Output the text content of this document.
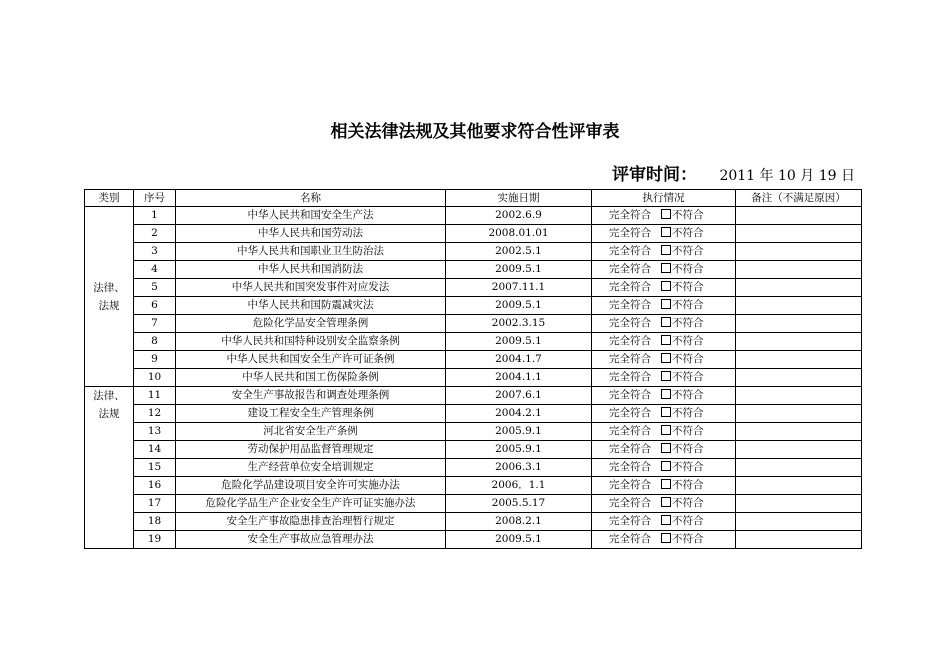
相关法律法规及其他要求符合性评审表
评审时间： 2011 年 10 月 19 日
类别	序号	名称	实施日期	执行情况	备注（不满足原因）

法律、
法规	1	中华人民共和国安全生产法	2002.6.9	完全符合 不符合	
	2	中华人民共和国劳动法	2008.01.01	完全符合 不符合	
	3	中华人民共和国职业卫生防治法	2002.5.1	完全符合 不符合	
	4	中华人民共和国消防法	2009.5.1	完全符合 不符合	
	5	中华人民共和国突发事件对应发法	2007.11.1	完全符合 不符合	
	6	中华人民共和国防震减灾法	2009.5.1	完全符合 不符合	
	7	危险化学品安全管理条例	2002.3.15	完全符合 不符合	
	8	中华人民共和国特种设别安全监察条例	2009.5.1	完全符合 不符合	
	9	中华人民共和国安全生产许可证条例	2004.1.7	完全符合 不符合	
	10	中华人民共和国工伤保险条例	2004.1.1	完全符合 不符合	

法律、
法规	11	安全生产事故报告和调查处理条例	2007.6.1	完全符合 不符合	
	12	建设工程安全生产管理条例	2004.2.1	完全符合 不符合	
	13	河北省安全生产条例	2005.9.1	完全符合 不符合	
	14	劳动保护用品监督管理规定	2005.9.1	完全符合 不符合	
	15	生产经营单位安全培训规定	2006.3.1	完全符合 不符合	
	16	危险化学品建设项目安全许可实施办法	2006．1.1	完全符合 不符合	
	17	危险化学品生产企业安全生产许可证实施办法	2005.5.17	完全符合 不符合	
	18	安全生产事故隐患排查治理暂行规定	2008.2.1	完全符合 不符合	
	19	安全生产事故应急管理办法	2009.5.1	完全符合 不符合	
